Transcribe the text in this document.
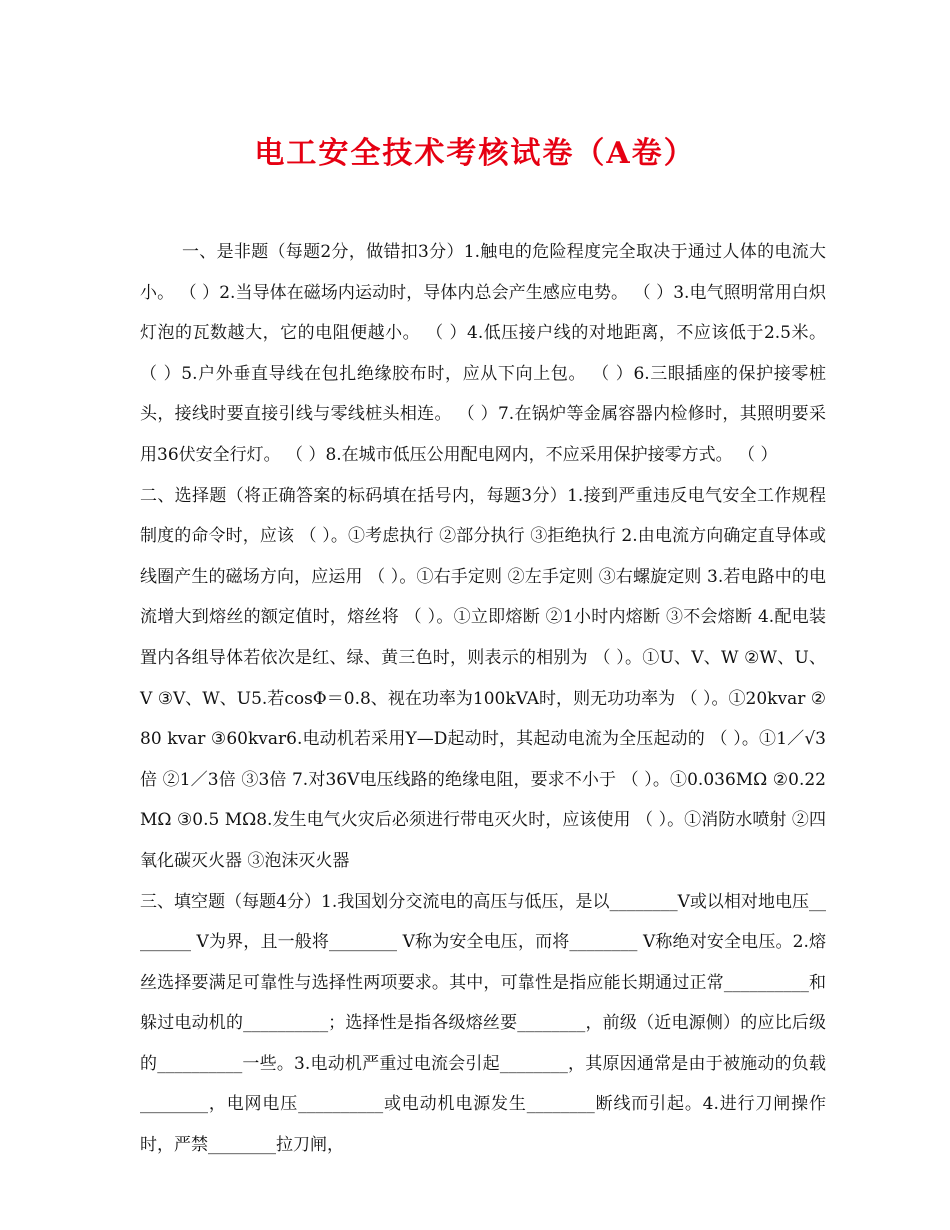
电工安全技术考核试卷（A卷）

一、是非题（每题2分，做错扣3分）1.触电的危险程度完全取决于通过人体的电流大小。 （ ）2.当导体在磁场内运动时，导体内总会产生感应电势。 （ ）3.电气照明常用白炽灯泡的瓦数越大，它的电阻便越小。 （ ）4.低压接户线的对地距离，不应该低于2.5米。 （ ）5.户外垂直导线在包扎绝缘胶布时，应从下向上包。 （ ）6.三眼插座的保护接零桩头，接线时要直接引线与零线桩头相连。 （ ）7.在锅炉等金属容器内检修时，其照明要采用36伏安全行灯。 （ ）8.在城市低压公用配电网内，不应采用保护接零方式。 （ ）

二、选择题（将正确答案的标码填在括号内，每题3分）1.接到严重违反电气安全工作规程制度的命令时，应该 （ ）。①考虑执行 ②部分执行 ③拒绝执行 2.由电流方向确定直导体或线圈产生的磁场方向，应运用 （ ）。①右手定则 ②左手定则 ③右螺旋定则 3.若电路中的电流增大到熔丝的额定值时，熔丝将 （ ）。①立即熔断 ②1小时内熔断 ③不会熔断 4.配电装置内各组导体若依次是红、绿、黄三色时，则表示的相别为 （ ）。①U、V、W ②W、U、V ③V、W、U5.若cosΦ＝0.8、视在功率为100kVA时，则无功功率为 （ ）。①20kvar ②80 kvar ③60kvar6.电动机若采用Y—D起动时，其起动电流为全压起动的 （ ）。①1／√3倍 ②1／3倍 ③3倍 7.对36V电压线路的绝缘电阻，要求不小于 （ ）。①0.036MΩ ②0.22 MΩ ③0.5 MΩ8.发生电气火灾后必须进行带电灭火时，应该使用 （ ）。①消防水喷射 ②四氧化碳灭火器 ③泡沫灭火器

三、填空题（每题4分）1.我国划分交流电的高压与低压，是以________V或以相对地电压________ V为界，且一般将________ V称为安全电压，而将________ V称绝对安全电压。2.熔丝选择要满足可靠性与选择性两项要求。其中，可靠性是指应能长期通过正常__________和躲过电动机的__________；选择性是指各级熔丝要________，前级（近电源侧）的应比后级的__________一些。3.电动机严重过电流会引起________，其原因通常是由于被施动的负载________，电网电压__________或电动机电源发生________断线而引起。4.进行刀闸操作时，严禁________拉刀闸，
